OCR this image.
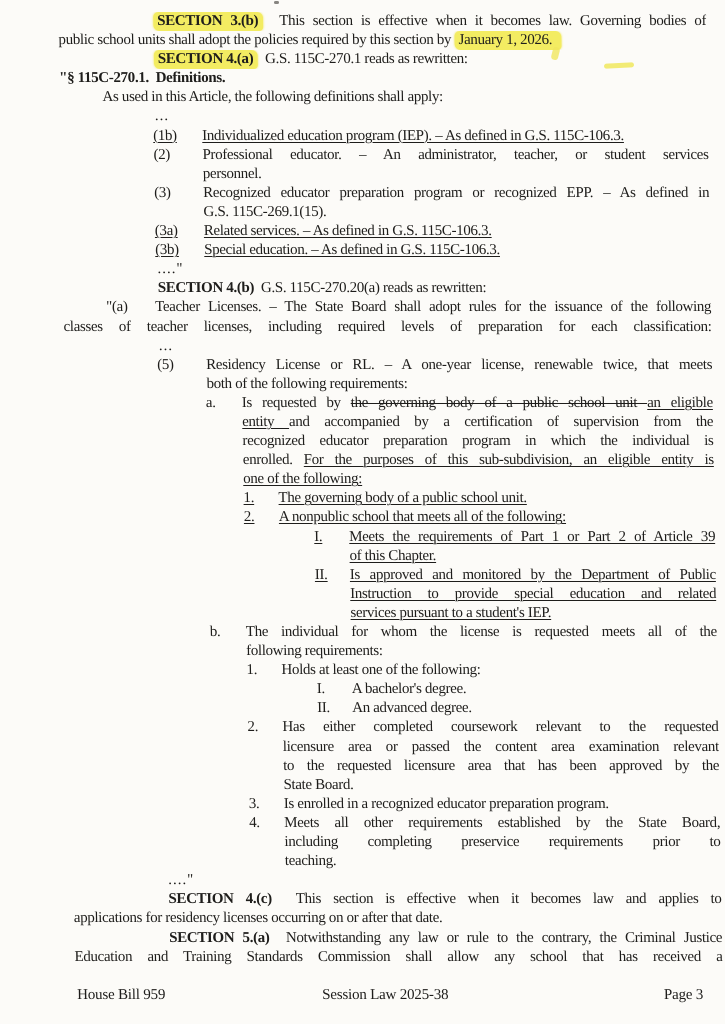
SECTION 3.(b)  This section is effective when it becomes law. Governing bodies of
public school units shall adopt the policies required by this section by January 1, 2026.
SECTION 4.(a)  G.S. 115C-270.1 reads as rewritten:
"§ 115C-270.1.  Definitions.
As used in this Article, the following definitions shall apply:
...
(1b) Individualized education program (IEP). – As defined in G.S. 115C-106.3.
(2) Professional educator. – An administrator, teacher, or student services
personnel.
(3) Recognized educator preparation program or recognized EPP. – As defined in
G.S. 115C-269.1(15).
(3a) Related services. – As defined in G.S. 115C-106.3.
(3b) Special education. – As defined in G.S. 115C-106.3.
...."
SECTION 4.(b)  G.S. 115C-270.20(a) reads as rewritten:
"(a) Teacher Licenses. – The State Board shall adopt rules for the issuance of the following
classes of teacher licenses, including required levels of preparation for each classification:
...
(5) Residency License or RL. – A one-year license, renewable twice, that meets
both of the following requirements:
a. Is requested by the governing body of a public school unit an eligible
entity and accompanied by a certification of supervision from the
recognized educator preparation program in which the individual is
enrolled. For the purposes of this sub-subdivision, an eligible entity is
one of the following:
1. The governing body of a public school unit.
2. A nonpublic school that meets all of the following:
I. Meets the requirements of Part 1 or Part 2 of Article 39
of this Chapter.
II. Is approved and monitored by the Department of Public
Instruction to provide special education and related
services pursuant to a student's IEP.
b. The individual for whom the license is requested meets all of the
following requirements:
1. Holds at least one of the following:
I. A bachelor's degree.
II. An advanced degree.
2. Has either completed coursework relevant to the requested
licensure area or passed the content area examination relevant
to the requested licensure area that has been approved by the
State Board.
3. Is enrolled in a recognized educator preparation program.
4. Meets all other requirements established by the State Board,
including completing preservice requirements prior to
teaching.
...."
SECTION 4.(c)  This section is effective when it becomes law and applies to
applications for residency licenses occurring on or after that date.
SECTION 5.(a)  Notwithstanding any law or rule to the contrary, the Criminal Justice
Education and Training Standards Commission shall allow any school that has received a
House Bill 959	Session Law 2025-38	Page 3
